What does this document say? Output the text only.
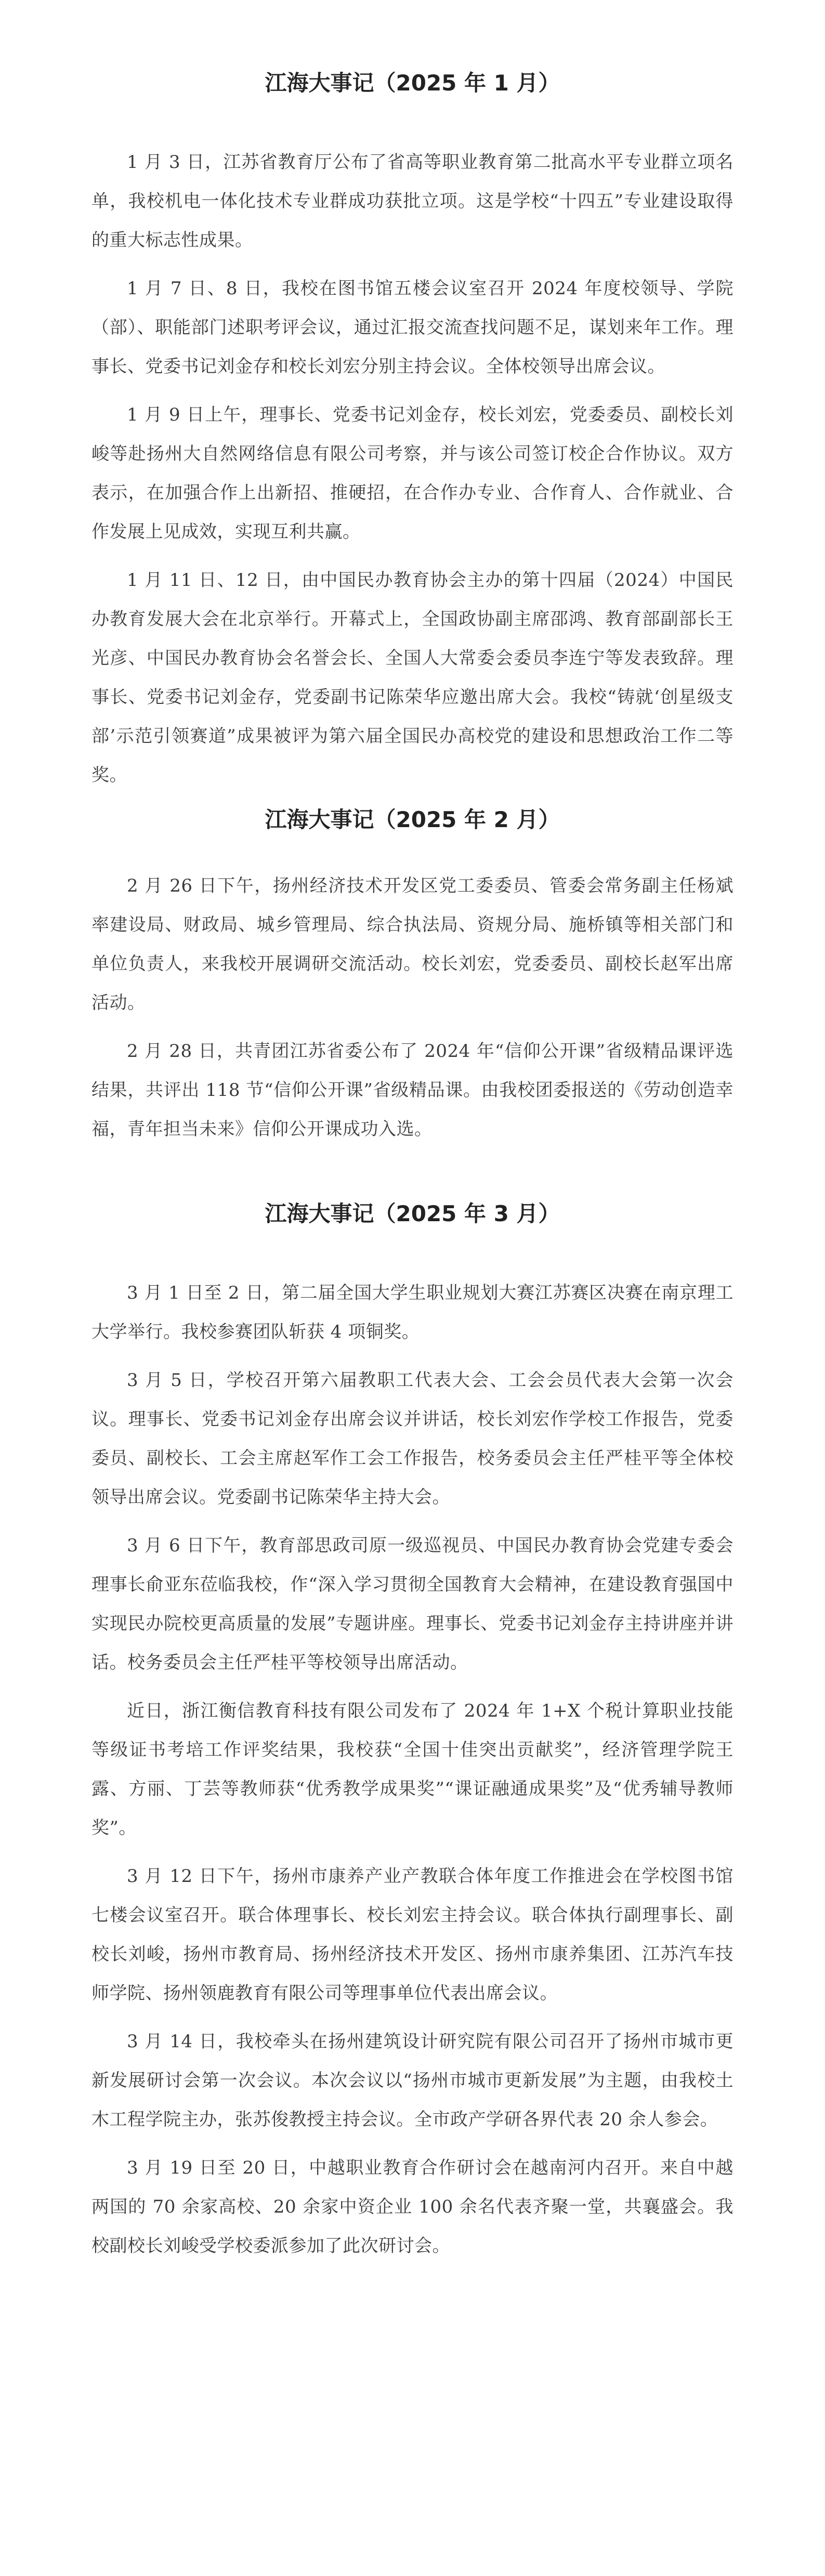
江海大事记（2025 年 1 月）

1 月 3 日，江苏省教育厅公布了省高等职业教育第二批高水平专业群立项名单，我校机电一体化技术专业群成功获批立项。这是学校“十四五”专业建设取得的重大标志性成果。

1 月 7 日、8 日，我校在图书馆五楼会议室召开 2024 年度校领导、学院（部）、职能部门述职考评会议，通过汇报交流查找问题不足，谋划来年工作。理事长、党委书记刘金存和校长刘宏分别主持会议。全体校领导出席会议。

1 月 9 日上午，理事长、党委书记刘金存，校长刘宏，党委委员、副校长刘峻等赴扬州大自然网络信息有限公司考察，并与该公司签订校企合作协议。双方表示，在加强合作上出新招、推硬招，在合作办专业、合作育人、合作就业、合作发展上见成效，实现互利共赢。

1 月 11 日、12 日，由中国民办教育协会主办的第十四届（2024）中国民办教育发展大会在北京举行。开幕式上，全国政协副主席邵鸿、教育部副部长王光彦、中国民办教育协会名誉会长、全国人大常委会委员李连宁等发表致辞。理事长、党委书记刘金存，党委副书记陈荣华应邀出席大会。我校“铸就‘创星级支部’示范引领赛道”成果被评为第六届全国民办高校党的建设和思想政治工作二等奖。

江海大事记（2025 年 2 月）

2 月 26 日下午，扬州经济技术开发区党工委委员、管委会常务副主任杨斌率建设局、财政局、城乡管理局、综合执法局、资规分局、施桥镇等相关部门和单位负责人，来我校开展调研交流活动。校长刘宏，党委委员、副校长赵军出席活动。

2 月 28 日，共青团江苏省委公布了 2024 年“信仰公开课”省级精品课评选结果，共评出 118 节“信仰公开课”省级精品课。由我校团委报送的《劳动创造幸福，青年担当未来》信仰公开课成功入选。

江海大事记（2025 年 3 月）

3 月 1 日至 2 日，第二届全国大学生职业规划大赛江苏赛区决赛在南京理工大学举行。我校参赛团队斩获 4 项铜奖。

3 月 5 日，学校召开第六届教职工代表大会、工会会员代表大会第一次会议。理事长、党委书记刘金存出席会议并讲话，校长刘宏作学校工作报告，党委委员、副校长、工会主席赵军作工会工作报告，校务委员会主任严桂平等全体校领导出席会议。党委副书记陈荣华主持大会。

3 月 6 日下午，教育部思政司原一级巡视员、中国民办教育协会党建专委会理事长俞亚东莅临我校，作“深入学习贯彻全国教育大会精神，在建设教育强国中实现民办院校更高质量的发展”专题讲座。理事长、党委书记刘金存主持讲座并讲话。校务委员会主任严桂平等校领导出席活动。

近日，浙江衡信教育科技有限公司发布了 2024 年 1+X 个税计算职业技能等级证书考培工作评奖结果，我校获“全国十佳突出贡献奖”，经济管理学院王露、方丽、丁芸等教师获“优秀教学成果奖”“课证融通成果奖”及“优秀辅导教师奖”。

3 月 12 日下午，扬州市康养产业产教联合体年度工作推进会在学校图书馆七楼会议室召开。联合体理事长、校长刘宏主持会议。联合体执行副理事长、副校长刘峻，扬州市教育局、扬州经济技术开发区、扬州市康养集团、江苏汽车技师学院、扬州领鹿教育有限公司等理事单位代表出席会议。

3 月 14 日，我校牵头在扬州建筑设计研究院有限公司召开了扬州市城市更新发展研讨会第一次会议。本次会议以“扬州市城市更新发展”为主题，由我校土木工程学院主办，张苏俊教授主持会议。全市政产学研各界代表 20 余人参会。

3 月 19 日至 20 日，中越职业教育合作研讨会在越南河内召开。来自中越两国的 70 余家高校、20 余家中资企业 100 余名代表齐聚一堂，共襄盛会。我校副校长刘峻受学校委派参加了此次研讨会。
